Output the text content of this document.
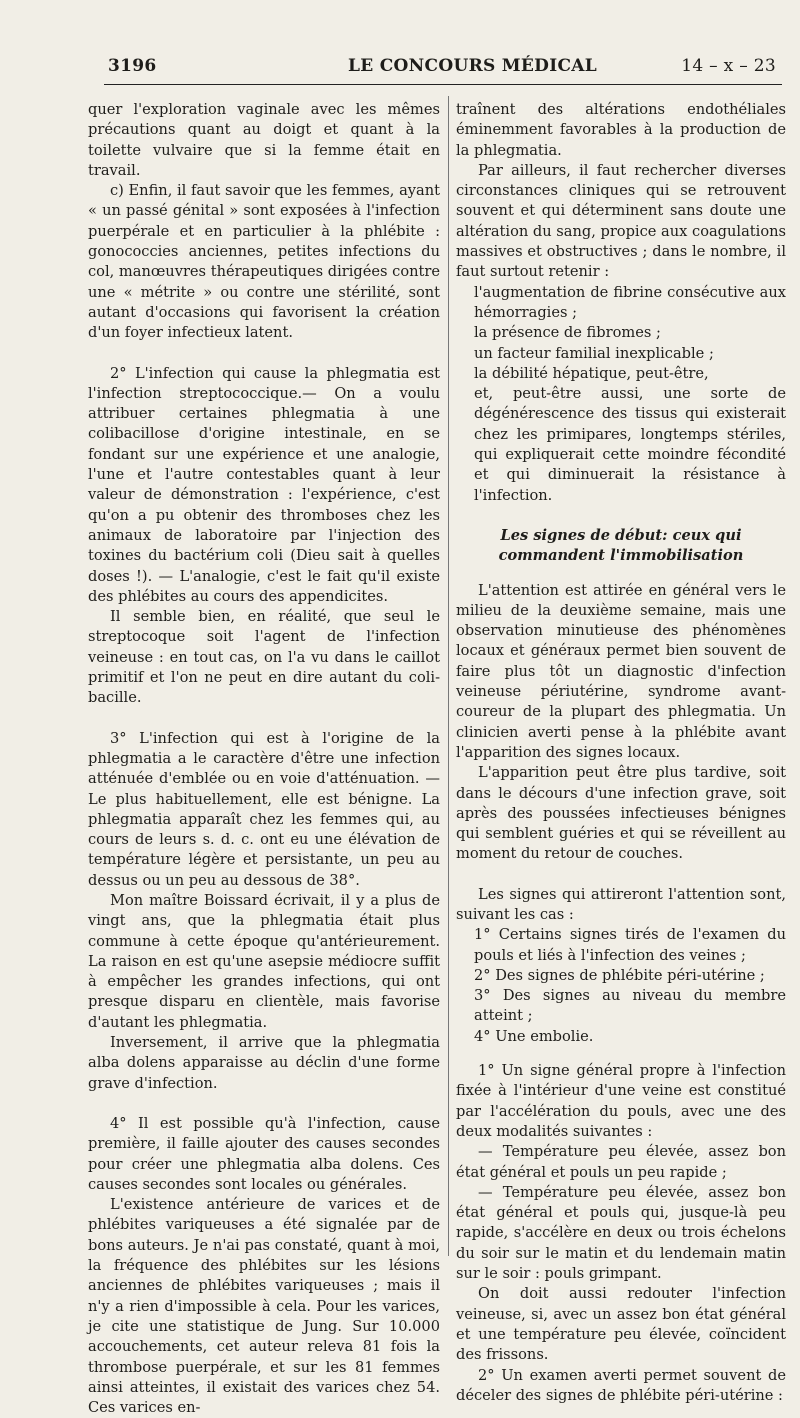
3196	LE CONCOURS MÉDICAL	14 – x – 23

quer l'exploration vaginale avec les mêmes précautions quant au doigt et quant à la toilette vulvaire que si la femme était en travail.

c) Enfin, il faut savoir que les femmes, ayant « un passé génital » sont exposées à l'infection puerpérale et en particulier à la phlébite : gonococcies anciennes, petites infections du col, manœuvres thérapeutiques dirigées contre une « métrite » ou contre une stérilité, sont autant d'occasions qui favorisent la création d'un foyer infectieux latent.

2° L'infection qui cause la phlegmatia est l'infection streptococcique.— On a voulu attribuer certaines phlegmatia à une colibacillose d'origine intestinale, en se fondant sur une expérience et une analogie, l'une et l'autre contestables quant à leur valeur de démonstration : l'expérience, c'est qu'on a pu obtenir des thromboses chez les animaux de laboratoire par l'injection des toxines du bactérium coli (Dieu sait à quelles doses !). — L'analogie, c'est le fait qu'il existe des phlébites au cours des appendicites.

Il semble bien, en réalité, que seul le streptocoque soit l'agent de l'infection veineuse : en tout cas, on l'a vu dans le caillot primitif et l'on ne peut en dire autant du coli-bacille.

3° L'infection qui est à l'origine de la phlegmatia a le caractère d'être une infection atténuée d'emblée ou en voie d'atténuation. — Le plus habituellement, elle est bénigne. La phlegmatia apparaît chez les femmes qui, au cours de leurs s. d. c. ont eu une élévation de température légère et persistante, un peu au dessus ou un peu au dessous de 38°.

Mon maître Boissard écrivait, il y a plus de vingt ans, que la phlegmatia était plus commune à cette époque qu'antérieurement. La raison en est qu'une asepsie médiocre suffit à empêcher les grandes infections, qui ont presque disparu en clientèle, mais favorise d'autant les phlegmatia.

Inversement, il arrive que la phlegmatia alba dolens apparaisse au déclin d'une forme grave d'infection.

4° Il est possible qu'à l'infection, cause première, il faille ajouter des causes secondes pour créer une phlegmatia alba dolens. Ces causes secondes sont locales ou générales.

L'existence antérieure de varices et de phlébites variqueuses a été signalée par de bons auteurs. Je n'ai pas constaté, quant à moi, la fréquence des phlébites sur les lésions anciennes de phlébites variqueuses ; mais il n'y a rien d'impossible à cela. Pour les varices, je cite une statistique de Jung. Sur 10.000 accouchements, cet auteur releva 81 fois la thrombose puerpérale, et sur les 81 femmes ainsi atteintes, il existait des varices chez 54. Ces varices en-

traînent des altérations endothéliales éminemment favorables à la production de la phlegmatia.

Par ailleurs, il faut rechercher diverses circonstances cliniques qui se retrouvent souvent et qui déterminent sans doute une altération du sang, propice aux coagulations massives et obstructives ; dans le nombre, il faut surtout retenir :

l'augmentation de fibrine consécutive aux hémorragies ;

la présence de fibromes ;

un facteur familial inexplicable ;

la débilité hépatique, peut-être,

et, peut-être aussi, une sorte de dégénérescence des tissus qui existerait chez les primipares, longtemps stériles, qui expliquerait cette moindre fécondité et qui diminuerait la résistance à l'infection.

Les signes de début: ceux qui commandent l'immobilisation

L'attention est attirée en général vers le milieu de la deuxième semaine, mais une observation minutieuse des phénomènes locaux et généraux permet bien souvent de faire plus tôt un diagnostic d'infection veineuse périutérine, syndrome avant-coureur de la plupart des phlegmatia. Un clinicien averti pense à la phlébite avant l'apparition des signes locaux.

L'apparition peut être plus tardive, soit dans le décours d'une infection grave, soit après des poussées infectieuses bénignes qui semblent guéries et qui se réveillent au moment du retour de couches.

Les signes qui attireront l'attention sont, suivant les cas :

1° Certains signes tirés de l'examen du pouls et liés à l'infection des veines ;

2° Des signes de phlébite péri-utérine ;

3° Des signes au niveau du membre atteint ;

4° Une embolie.

1° Un signe général propre à l'infection fixée à l'intérieur d'une veine est constitué par l'accélération du pouls, avec une des deux modalités suivantes :

— Température peu élevée, assez bon état général et pouls un peu rapide ;

— Température peu élevée, assez bon état général et pouls qui, jusque-là peu rapide, s'accélère en deux ou trois échelons du soir sur le matin et du lendemain matin sur le soir : pouls grimpant.

On doit aussi redouter l'infection veineuse, si, avec un assez bon état général et une température peu élevée, coïncident des frissons.

2° Un examen averti permet souvent de déceler des signes de phlébite péri-utérine :
